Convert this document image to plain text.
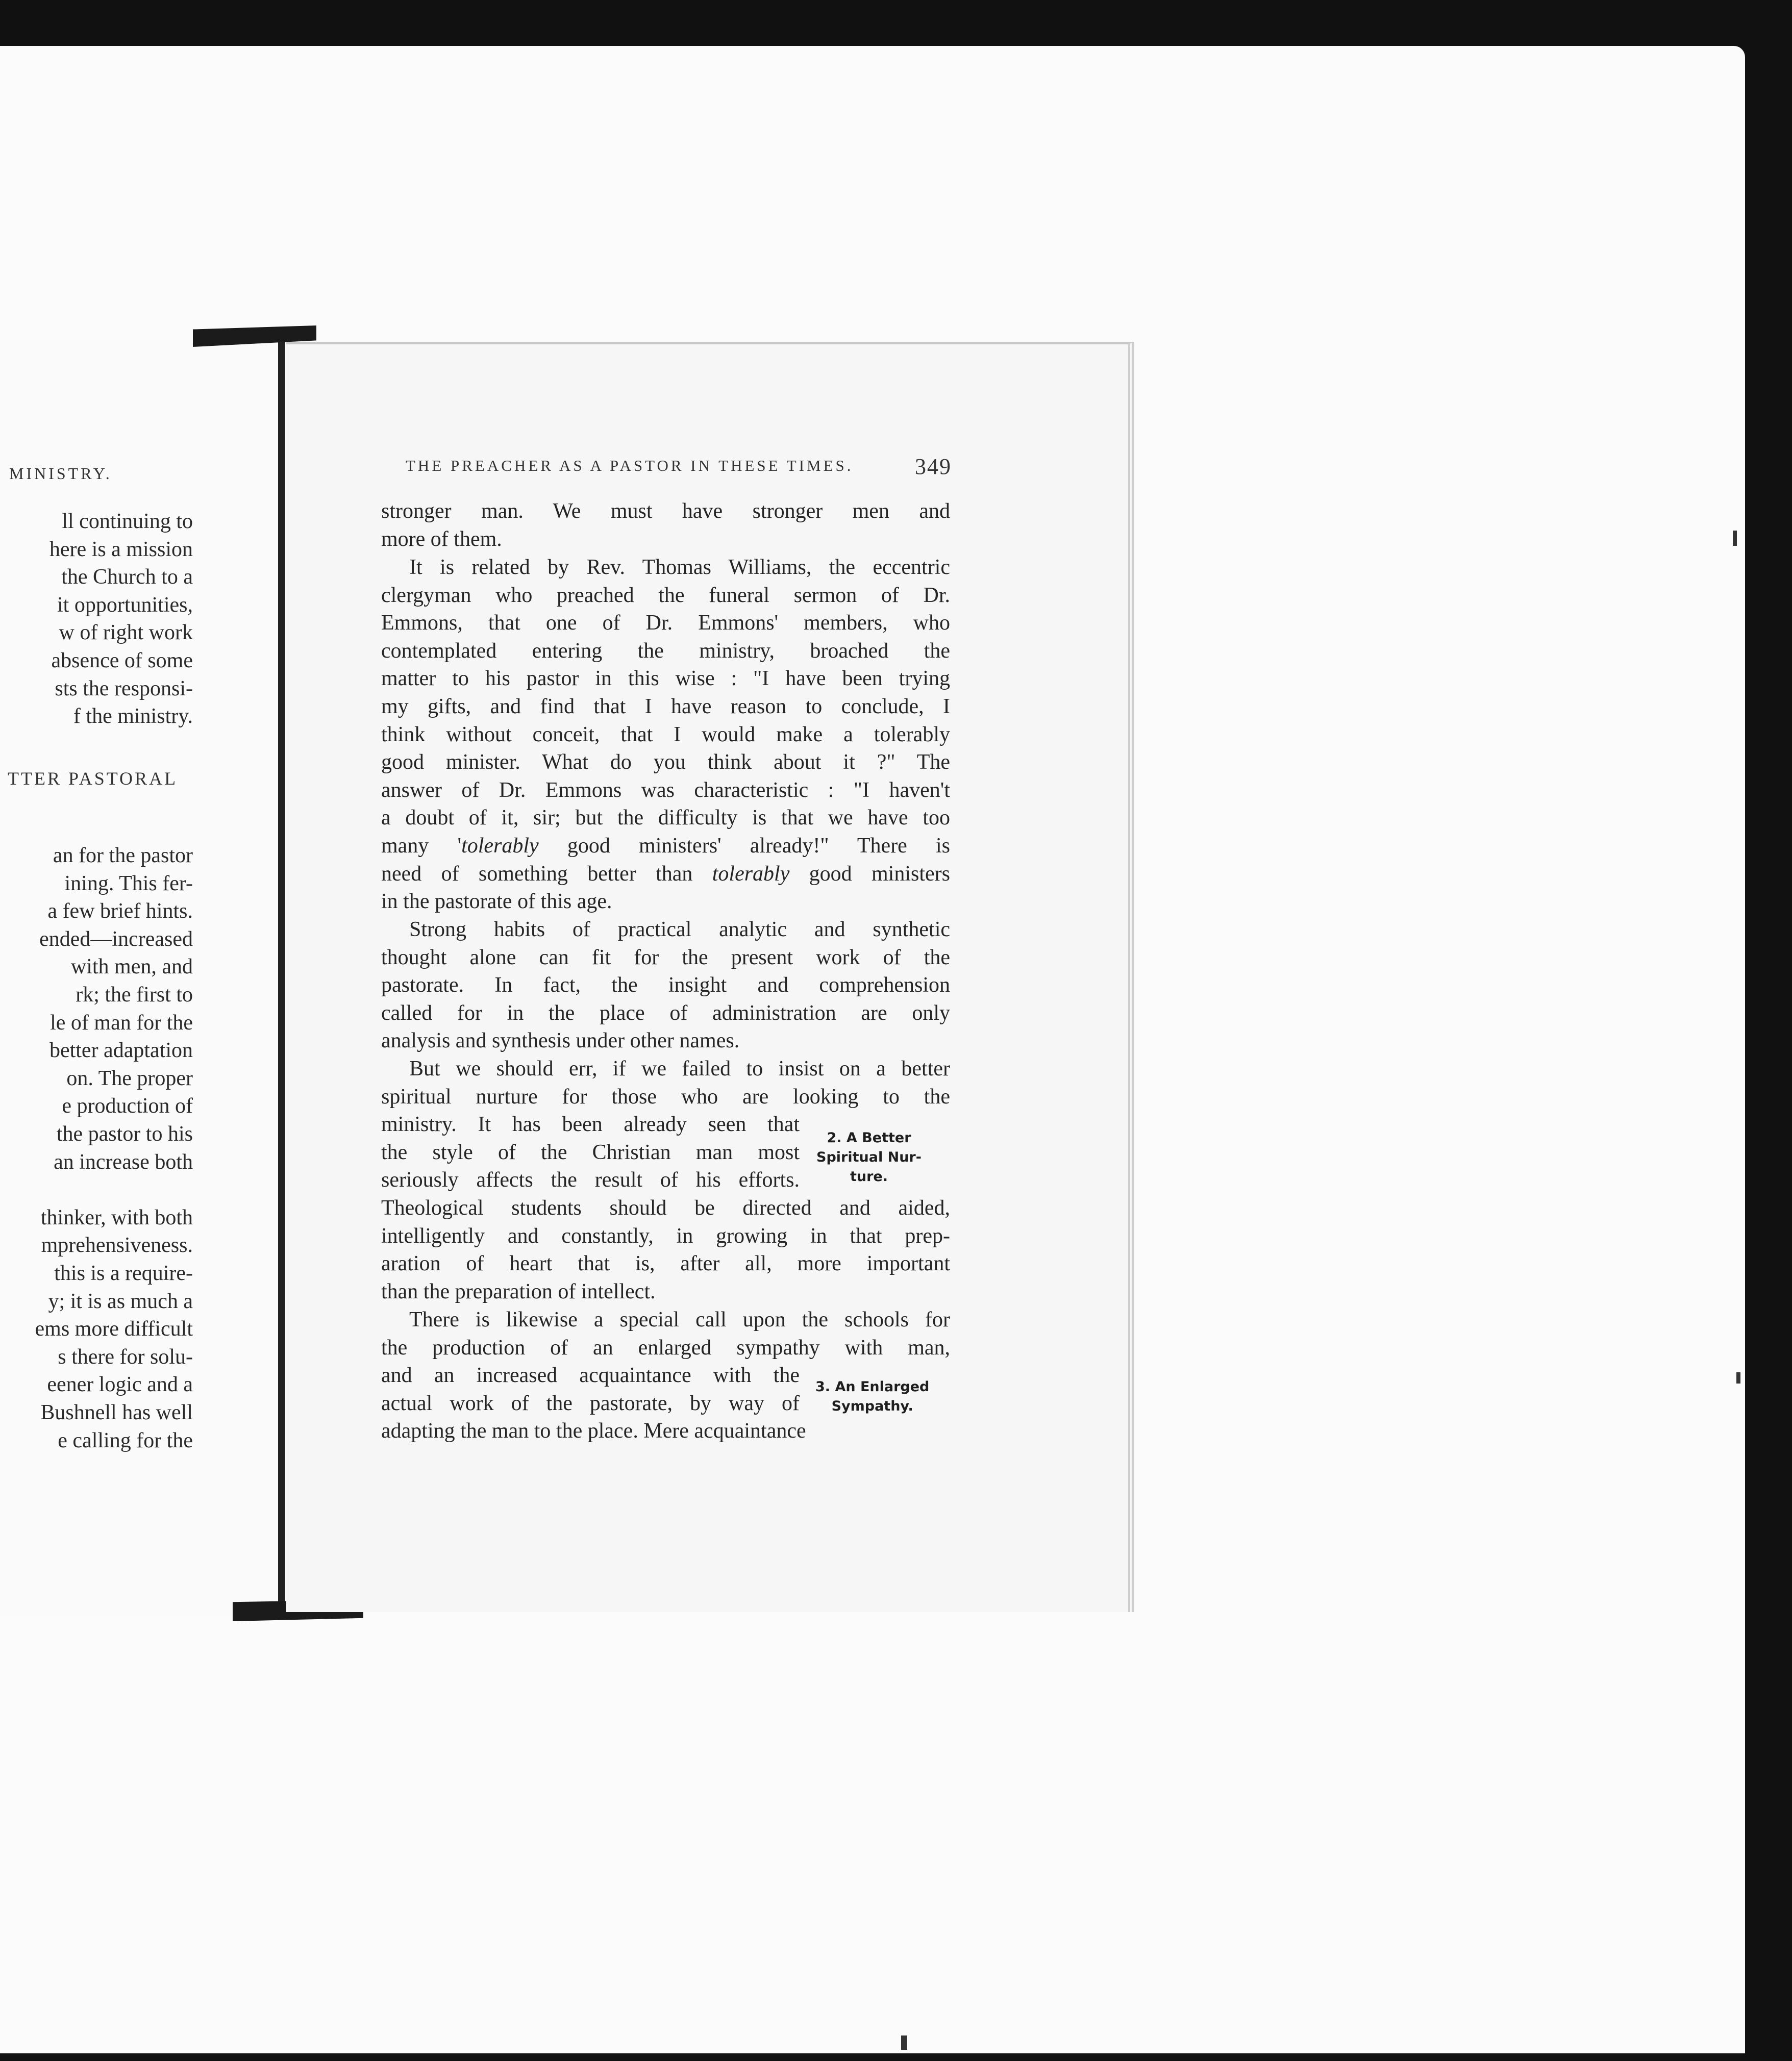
MINISTRY.
TTER PASTORAL
THE PREACHER AS A PASTOR IN THESE TIMES.	349
stronger man. We must have stronger men and
more of them.
It is related by Rev. Thomas Williams, the eccentric
clergyman who preached the funeral sermon of Dr.
Emmons, that one of Dr. Emmons' members, who
contemplated entering the ministry, broached the
matter to his pastor in this wise : "I have been trying
my gifts, and find that I have reason to conclude, I
think without conceit, that I would make a tolerably
good minister. What do you think about it ?" The
answer of Dr. Emmons was characteristic : "I haven't
a doubt of it, sir; but the difficulty is that we have too
many 'tolerably good ministers' already!" There is
need of something better than tolerably good ministers
in the pastorate of this age.
Strong habits of practical analytic and synthetic
thought alone can fit for the present work of the
pastorate. In fact, the insight and comprehension
called for in the place of administration are only
analysis and synthesis under other names.
But we should err, if we failed to insist on a better
spiritual nurture for those who are looking to the
ministry. It has been already seen that
the style of the Christian man most
seriously affects the result of his efforts.
Theological students should be directed and aided,
intelligently and constantly, in growing in that prep-
aration of heart that is, after all, more important
than the preparation of intellect.
There is likewise a special call upon the schools for
the production of an enlarged sympathy with man,
and an increased acquaintance with the
actual work of the pastorate, by way of
adapting the man to the place. Mere acquaintance
2. A Better
Spiritual Nur-
ture.
3. An Enlarged
Sympathy.
ll continuing to
here is a mission
the Church to a
it opportunities,
w of right work
absence of some
sts the responsi-
f the ministry.
an for the pastor
ining. This fer-
a few brief hints.
ended—increased
with men, and
rk; the first to
le of man for the
better adaptation
on. The proper
e production of
the pastor to his
an increase both
thinker, with both
mprehensiveness.
this is a require-
y; it is as much a
ems more difficult
s there for solu-
eener logic and a
Bushnell has well
e calling for the
